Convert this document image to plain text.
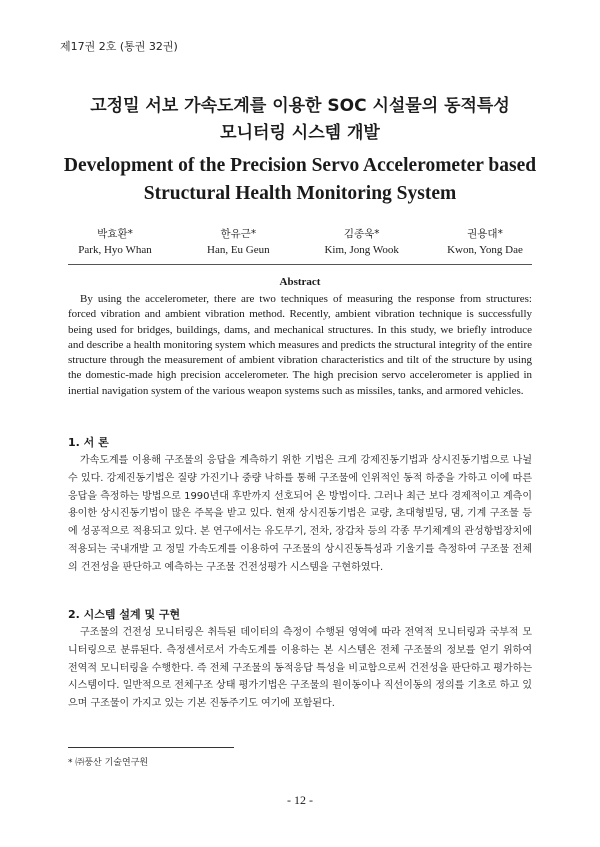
제17권 2호 (통권 32권)
고정밀 서보 가속도계를 이용한 SOC 시설물의 동적특성
모니터링 시스템 개발
Development of the Precision Servo Accelerometer based
Structural Health Monitoring System
박효환*
Park, Hyo Whan
한유근*
Han, Eu Geun
김종욱*
Kim, Jong Wook
권용대*
Kwon, Yong Dae
Abstract

By using the accelerometer, there are two techniques of measuring the response from structures: forced vibration and ambient vibration method. Recently, ambient vibration technique is successfully being used for bridges, buildings, dams, and mechanical structures. In this study, we briefly introduce and describe a health monitoring system which measures and predicts the structural integrity of the entire structure through the measurement of ambient vibration characteristics and tilt of the structure by using the domestic-made high precision accelerometer. The high precision servo accelerometer is applied in inertial navigation system of the various weapon systems such as missiles, tanks, and armored vehicles.

1. 서 론

가속도계를 이용해 구조물의 응답을 계측하기 위한 기법은 크게 강제진동기법과 상시진동기법으로 나뉠 수 있다. 강제진동기법은 질량 가진기나 중량 낙하를 통해 구조물에 인위적인 동적 하중을 가하고 이에 따른 응답을 측정하는 방법으로 1990년대 후반까지 선호되어 온 방법이다. 그러나 최근 보다 경제적이고 계측이 용이한 상시진동기법이 많은 주목을 받고 있다. 현재 상시진동기법은 교량, 초대형빌딩, 댐, 기계 구조물 등에 성공적으로 적용되고 있다. 본 연구에서는 유도무기, 전차, 장갑차 등의 각종 무기체계의 관성항법장치에 적용되는 국내개발 고 정밀 가속도계를 이용하여 구조물의 상시진동특성과 기울기를 측정하여 구조물 전체의 건전성을 판단하고 예측하는 구조물 건전성평가 시스템을 구현하였다.

2. 시스템 설계 및 구현

구조물의 건전성 모니터링은 취득된 데이터의 측정이 수행된 영역에 따라 전역적 모니터링과 국부적 모니터링으로 분류된다. 측정센서로서 가속도계를 이용하는 본 시스템은 전체 구조물의 정보를 얻기 위하여 전역적 모니터링을 수행한다. 즉 전체 구조물의 동적응답 특성을 비교함으로써 건전성을 판단하고 평가하는 시스템이다. 일반적으로 전체구조 상태 평가기법은 구조물의 원이동이나 직선이동의 정의를 기초로 하고 있으며 구조물이 가지고 있는 기본 진동주기도 여기에 포함된다.

* ㈜풍산 기술연구원
- 12 -
